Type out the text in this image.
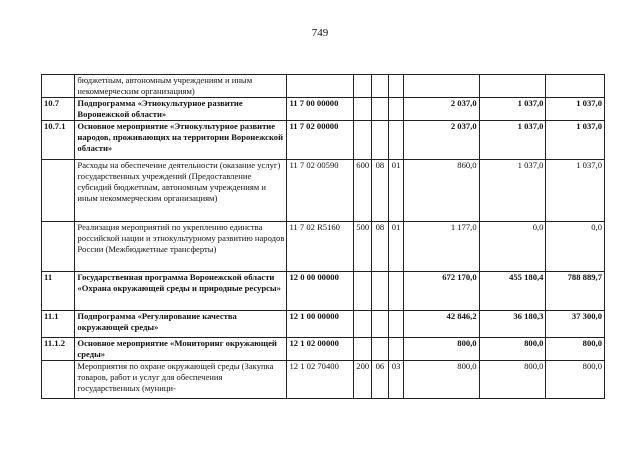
749
	бюджетным, автономным учреждениям и иным некоммерческим организациям)							
10.7	Подпрограмма «Этнокультурное развитие Воронежской области»	11 7 00 00000				2 037,0	1 037,0	1 037,0
10.7.1	Основное мероприятие «Этнокультурное развитие народов, проживающих на территории Воронежской области»	11 7 02 00000				2 037,0	1 037,0	1 037,0
	Расходы на обеспечение деятельности (оказание услуг) государственных учреждений (Предоставление субсидий бюджетным, автономным учреждениям и иным некоммерческим организациям)	11 7 02 00590	600	08	01	860,0	1 037,0	1 037,0
	Реализация мероприятий по укреплению единства российской нации и этнокультурному развитию народов России (Межбюджетные трансферты)	11 7 02 R5160	500	08	01	1 177,0	0,0	0,0
11	Государственная программа Воронежской области «Охрана окружающей среды и природные ресурсы»	12 0 00 00000				672 170,0	455 180,4	788 889,7
11.1	Подпрограмма «Регулирование качества окружающей среды»	12 1 00 00000				42 846,2	36 180,3	37 300,0
11.1.2	Основное мероприятие «Мониторинг окружающей среды»	12 1 02 00000				800,0	800,0	800,0
	Мероприятия по охране окружающей среды (Закупка товаров, работ и услуг для обеспечения государственных (муници-	12 1 02 70400	200	06	03	800,0	800,0	800,0
